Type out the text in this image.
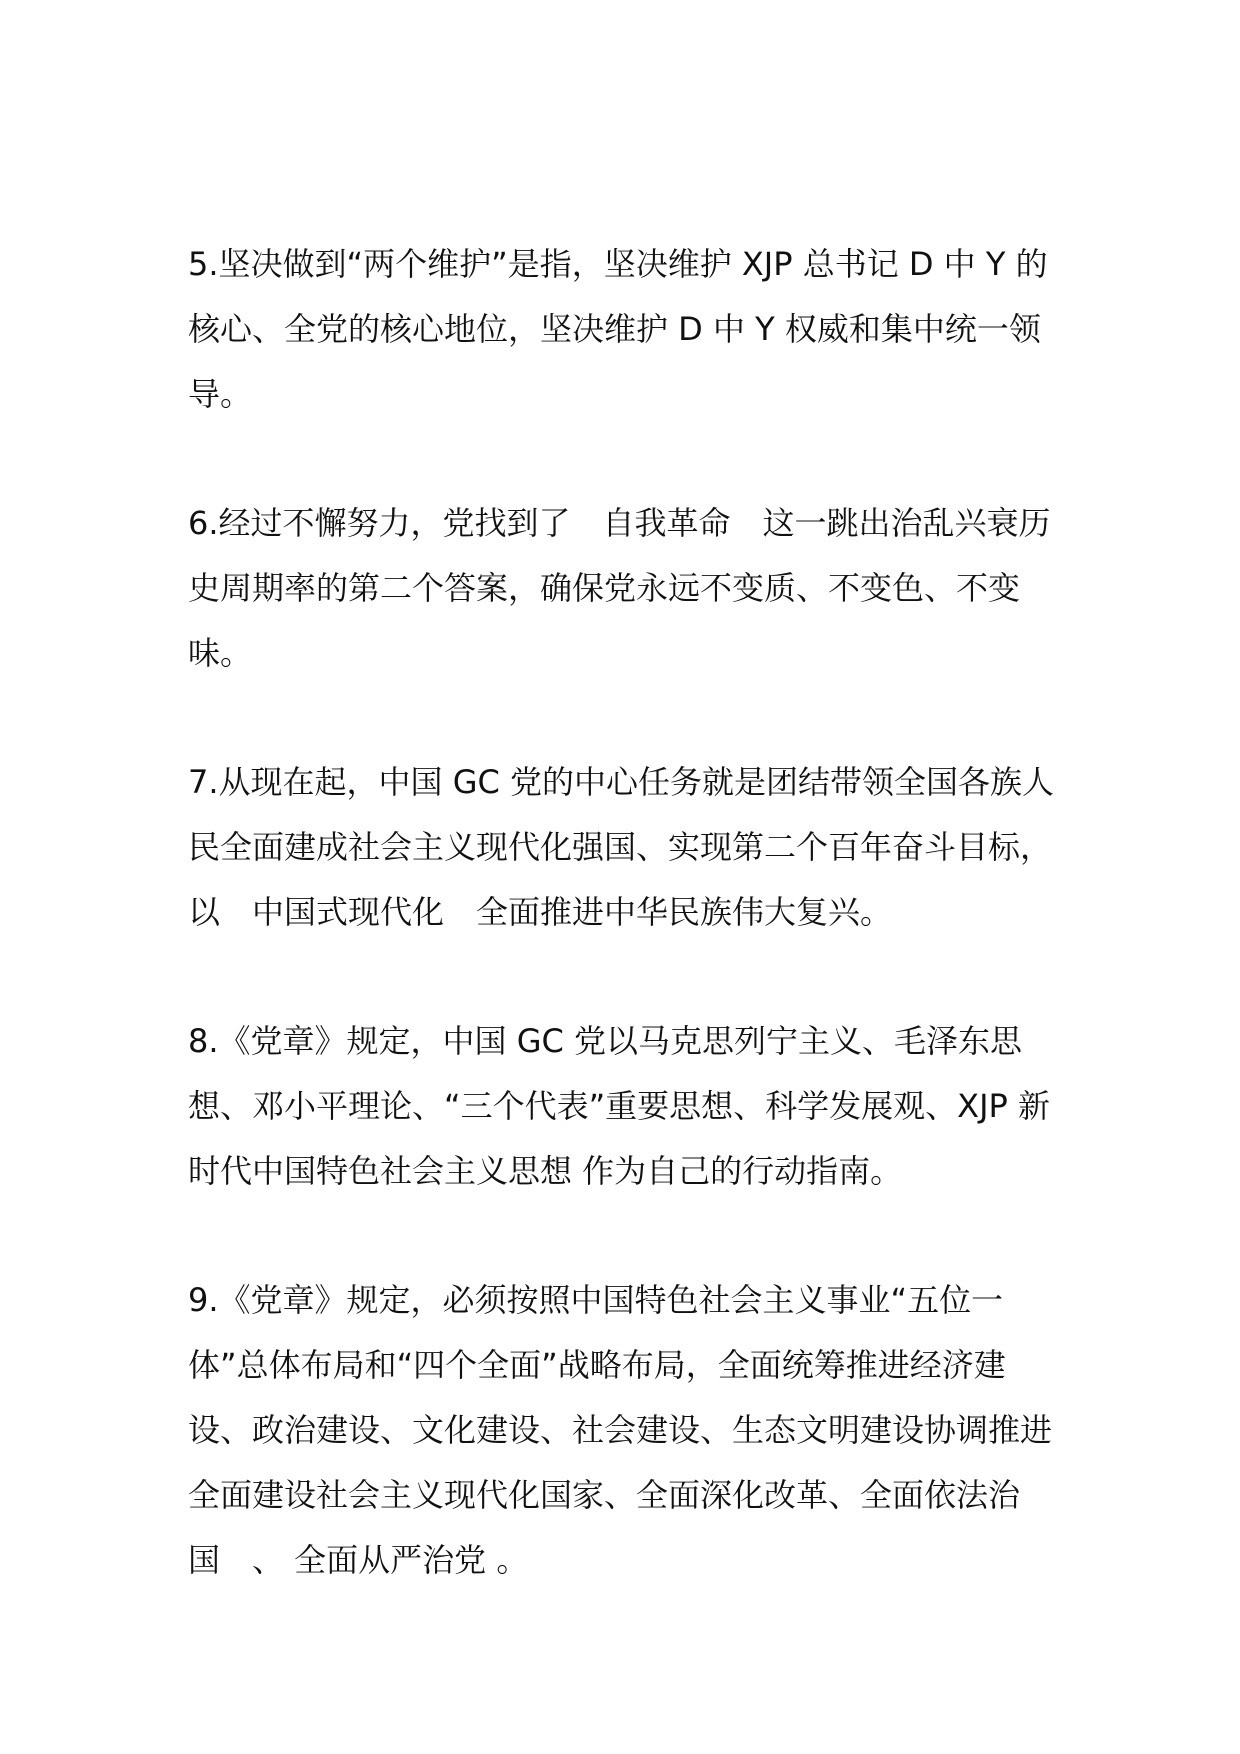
5.坚决做到“两个维护”是指，坚决维护 XJP 总书记 D 中 Y 的核心、全党的核心地位，坚决维护 D 中 Y 权威和集中统一领导。

6.经过不懈努力，党找到了　自我革命　这一跳出治乱兴衰历史周期率的第二个答案，确保党永远不变质、不变色、不变味。

7.从现在起，中国 GC 党的中心任务就是团结带领全国各族人民全面建成社会主义现代化强国、实现第二个百年奋斗目标，以　中国式现代化　全面推进中华民族伟大复兴。

8.《党章》规定，中国 GC 党以马克思列宁主义、毛泽东思想、邓小平理论、“三个代表”重要思想、科学发展观、XJP 新时代中国特色社会主义思想 作为自己的行动指南。

9.《党章》规定，必须按照中国特色社会主义事业“五位一体”总体布局和“四个全面”战略布局，全面统筹推进经济建设、政治建设、文化建设、社会建设、生态文明建设协调推进全面建设社会主义现代化国家、全面深化改革、全面依法治国　、 全面从严治党 。
